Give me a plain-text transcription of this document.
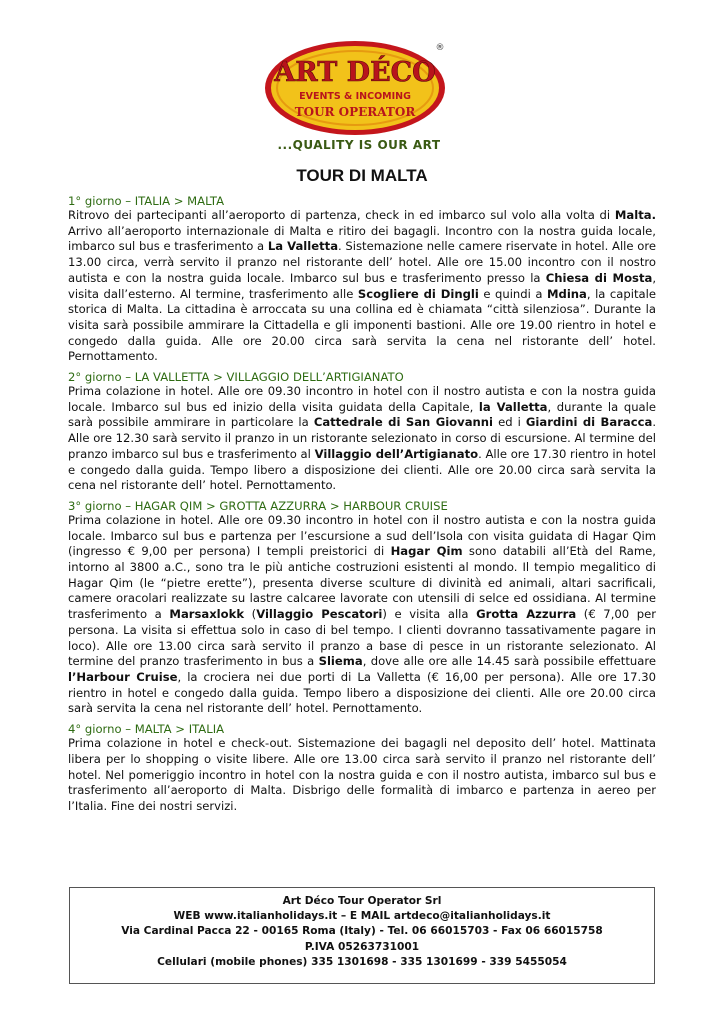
ART DÉCO
EVENTS & INCOMING
TOUR OPERATOR
®
...QUALITY IS OUR ART
TOUR DI MALTA
1° giorno – ITALIA > MALTA
Ritrovo dei partecipanti all’aeroporto di partenza, check in ed imbarco sul volo alla volta di Malta. Arrivo all’aeroporto internazionale di Malta e ritiro dei bagagli. Incontro con la nostra guida locale, imbarco sul bus e trasferimento a La Valletta. Sistemazione nelle camere riservate in hotel. Alle ore 13.00 circa, verrà servito il pranzo nel ristorante dell’ hotel. Alle ore 15.00 incontro con il nostro autista e con la nostra guida locale. Imbarco sul bus e trasferimento presso la Chiesa di Mosta, visita dall’esterno. Al termine, trasferimento alle Scogliere di Dingli e quindi a Mdina, la capitale storica di Malta. La cittadina è arroccata su una collina ed è chiamata “città silenziosa”. Durante la visita sarà possibile ammirare la Cittadella e gli imponenti bastioni. Alle ore 19.00 rientro in hotel e congedo dalla guida. Alle ore 20.00 circa sarà servita la cena nel ristorante dell’ hotel. Pernottamento.
2° giorno – LA VALLETTA > VILLAGGIO DELL’ARTIGIANATO
Prima colazione in hotel. Alle ore 09.30 incontro in hotel con il nostro autista e con la nostra guida locale. Imbarco sul bus ed inizio della visita guidata della Capitale, la Valletta, durante la quale sarà possibile ammirare in particolare la Cattedrale di San Giovanni ed i Giardini di Baracca. Alle ore 12.30 sarà servito il pranzo in un ristorante selezionato in corso di escursione. Al termine del pranzo imbarco sul bus e trasferimento al Villaggio dell’Artigianato. Alle ore 17.30 rientro in hotel e congedo dalla guida. Tempo libero a disposizione dei clienti. Alle ore 20.00 circa sarà servita la cena nel ristorante dell’ hotel. Pernottamento.
3° giorno – HAGAR QIM > GROTTA AZZURRA > HARBOUR CRUISE
Prima colazione in hotel. Alle ore 09.30 incontro in hotel con il nostro autista e con la nostra guida locale. Imbarco sul bus e partenza per l’escursione a sud dell’Isola con visita guidata di Hagar Qim (ingresso € 9,00 per persona) I templi preistorici di Hagar Qim sono databili all’Età del Rame, intorno al 3800 a.C., sono tra le più antiche costruzioni esistenti al mondo. Il tempio megalitico di Hagar Qim (le “pietre erette”), presenta diverse sculture di divinità ed animali, altari sacrificali, camere oracolari realizzate su lastre calcaree lavorate con utensili di selce ed ossidiana. Al termine trasferimento a Marsaxlokk (Villaggio Pescatori) e visita alla Grotta Azzurra (€ 7,00 per persona. La visita si effettua solo in caso di bel tempo. I clienti dovranno tassativamente pagare in loco). Alle ore 13.00 circa sarà servito il pranzo a base di pesce in un ristorante selezionato. Al termine del pranzo trasferimento in bus a Sliema, dove alle ore alle 14.45 sarà possibile effettuare l’Harbour Cruise, la crociera nei due porti di La Valletta (€ 16,00 per persona). Alle ore 17.30 rientro in hotel e congedo dalla guida. Tempo libero a disposizione dei clienti. Alle ore 20.00 circa sarà servita la cena nel ristorante dell’ hotel. Pernottamento.
4° giorno – MALTA > ITALIA
Prima colazione in hotel e check-out. Sistemazione dei bagagli nel deposito dell’ hotel. Mattinata libera per lo shopping o visite libere. Alle ore 13.00 circa sarà servito il pranzo nel ristorante dell’ hotel. Nel pomeriggio incontro in hotel con la nostra guida e con il nostro autista, imbarco sul bus e trasferimento all’aeroporto di Malta. Disbrigo delle formalità di imbarco e partenza in aereo per l’Italia. Fine dei nostri servizi.
Art Déco Tour Operator Srl
WEB www.italianholidays.it – E MAIL artdeco@italianholidays.it
Via Cardinal Pacca 22 - 00165 Roma (Italy) - Tel. 06 66015703 - Fax 06 66015758
P.IVA 05263731001
Cellulari (mobile phones) 335 1301698 - 335 1301699 - 339 5455054
